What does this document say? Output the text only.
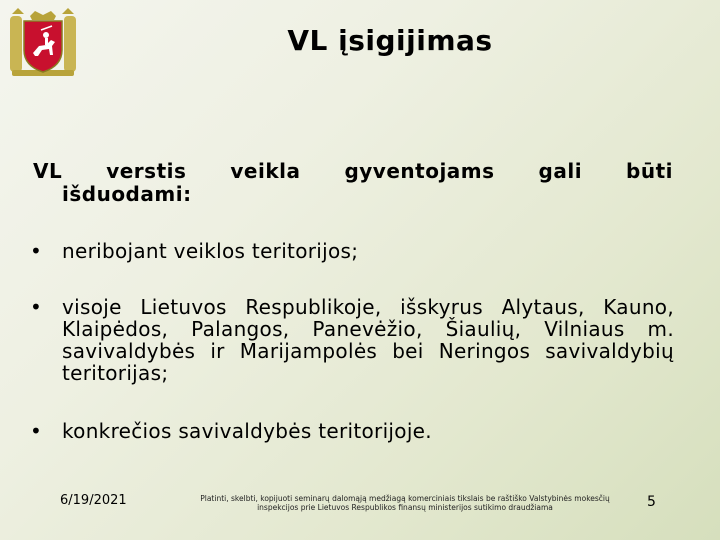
VL įsigijimas
VL verstis veikla gyventojams gali būti
išduodami:
• neribojant veiklos teritorijos;
• visoje Lietuvos Respublikoje, išskyrus Alytaus, Kauno, Klaipėdos, Palangos, Panevėžio, Šiaulių, Vilniaus m. savivaldybės ir Marijampolės bei Neringos savivaldybių teritorijas;
• konkrečios savivaldybės teritorijoje.
6/19/2021	Platinti, skelbti, kopijuoti seminarų dalomąją medžiagą komerciniais tikslais be raštiško Valstybinės mokesčių inspekcijos prie Lietuvos Respublikos finansų ministerijos sutikimo draudžiama	5
